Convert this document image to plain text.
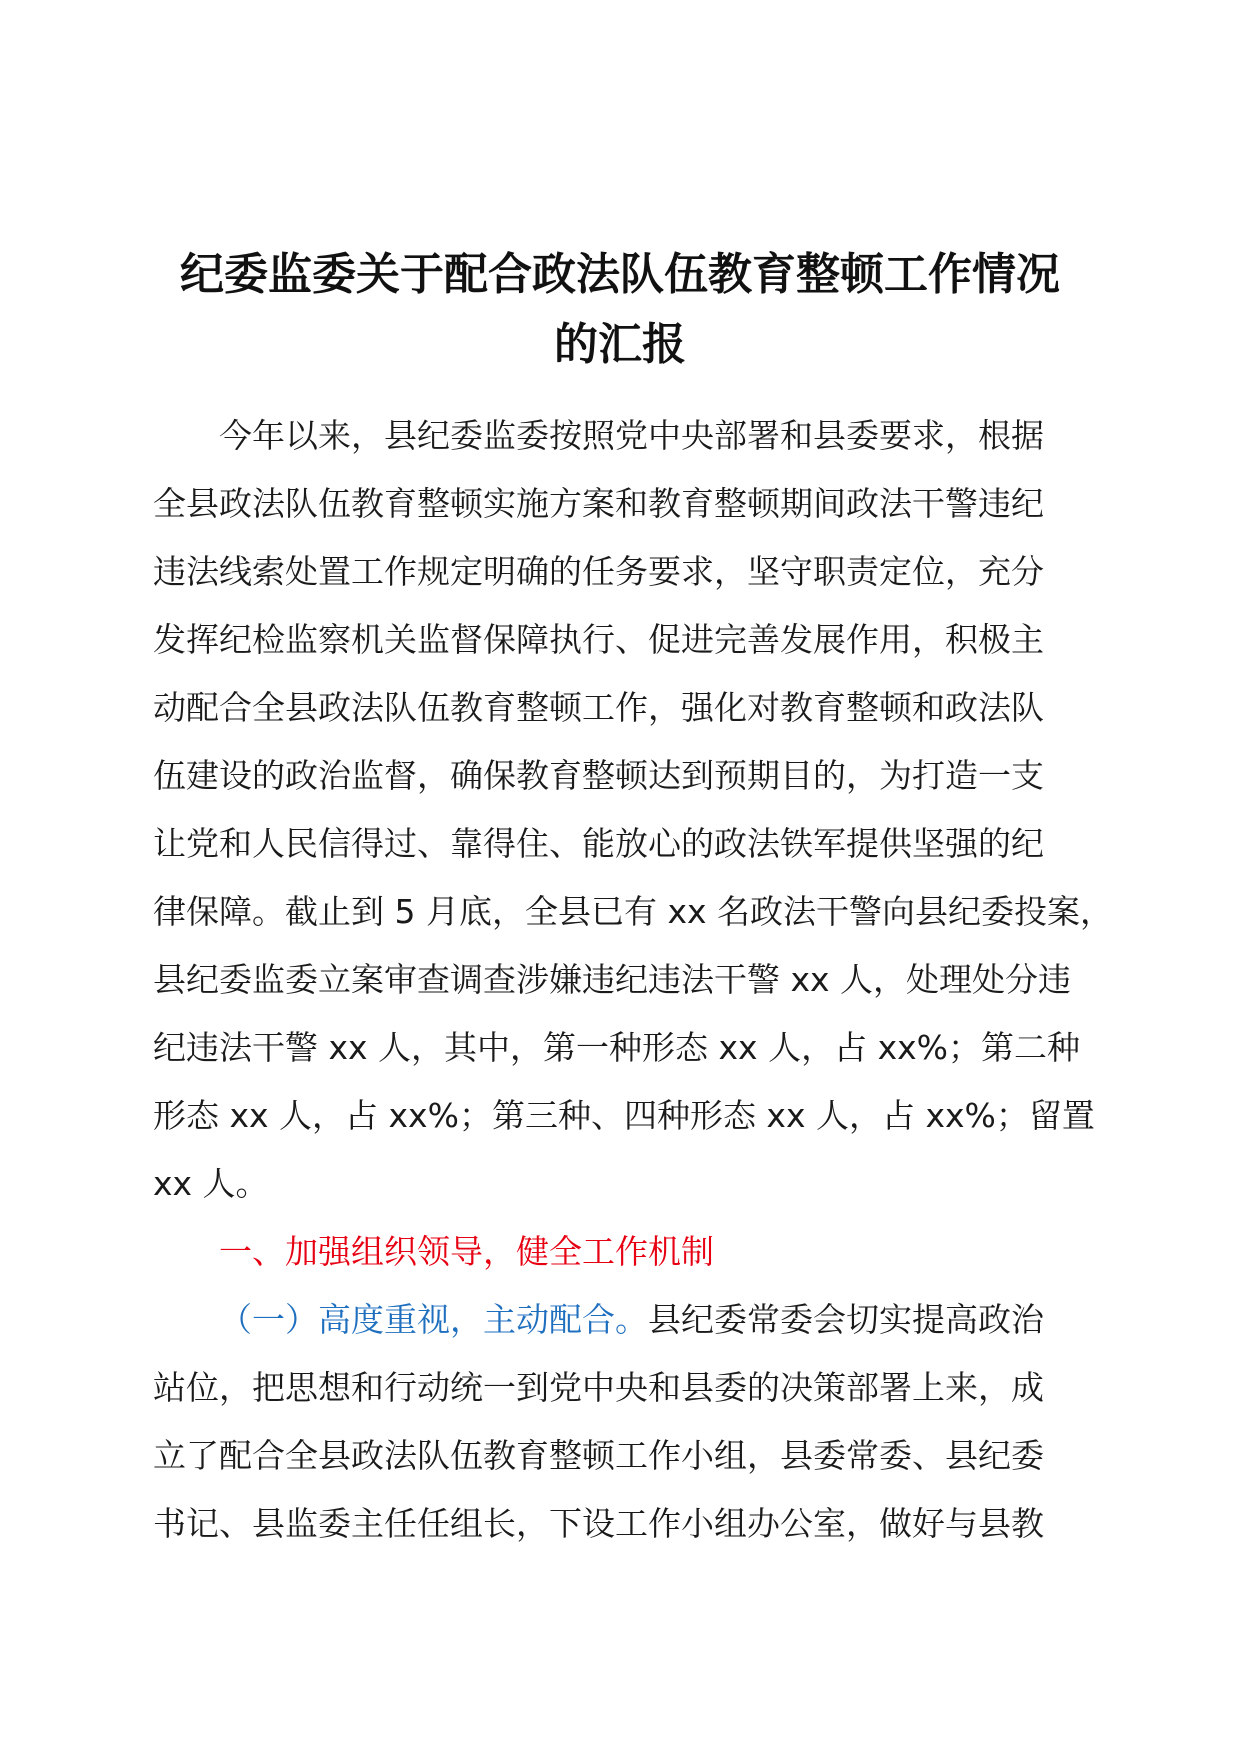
纪委监委关于配合政法队伍教育整顿工作情况
的汇报
今年以来，县纪委监委按照党中央部署和县委要求，根据
全县政法队伍教育整顿实施方案和教育整顿期间政法干警违纪
违法线索处置工作规定明确的任务要求，坚守职责定位，充分
发挥纪检监察机关监督保障执行、促进完善发展作用，积极主
动配合全县政法队伍教育整顿工作，强化对教育整顿和政法队
伍建设的政治监督，确保教育整顿达到预期目的，为打造一支
让党和人民信得过、靠得住、能放心的政法铁军提供坚强的纪
律保障。截止到 5 月底，全县已有 xx 名政法干警向县纪委投案，
县纪委监委立案审查调查涉嫌违纪违法干警 xx 人，处理处分违
纪违法干警 xx 人，其中，第一种形态 xx 人，占 xx%；第二种
形态 xx 人，占 xx%；第三种、四种形态 xx 人，占 xx%；留置
xx 人。
一、加强组织领导，健全工作机制
（一）高度重视，主动配合。县纪委常委会切实提高政治
站位，把思想和行动统一到党中央和县委的决策部署上来，成
立了配合全县政法队伍教育整顿工作小组，县委常委、县纪委
书记、县监委主任任组长，下设工作小组办公室，做好与县教
